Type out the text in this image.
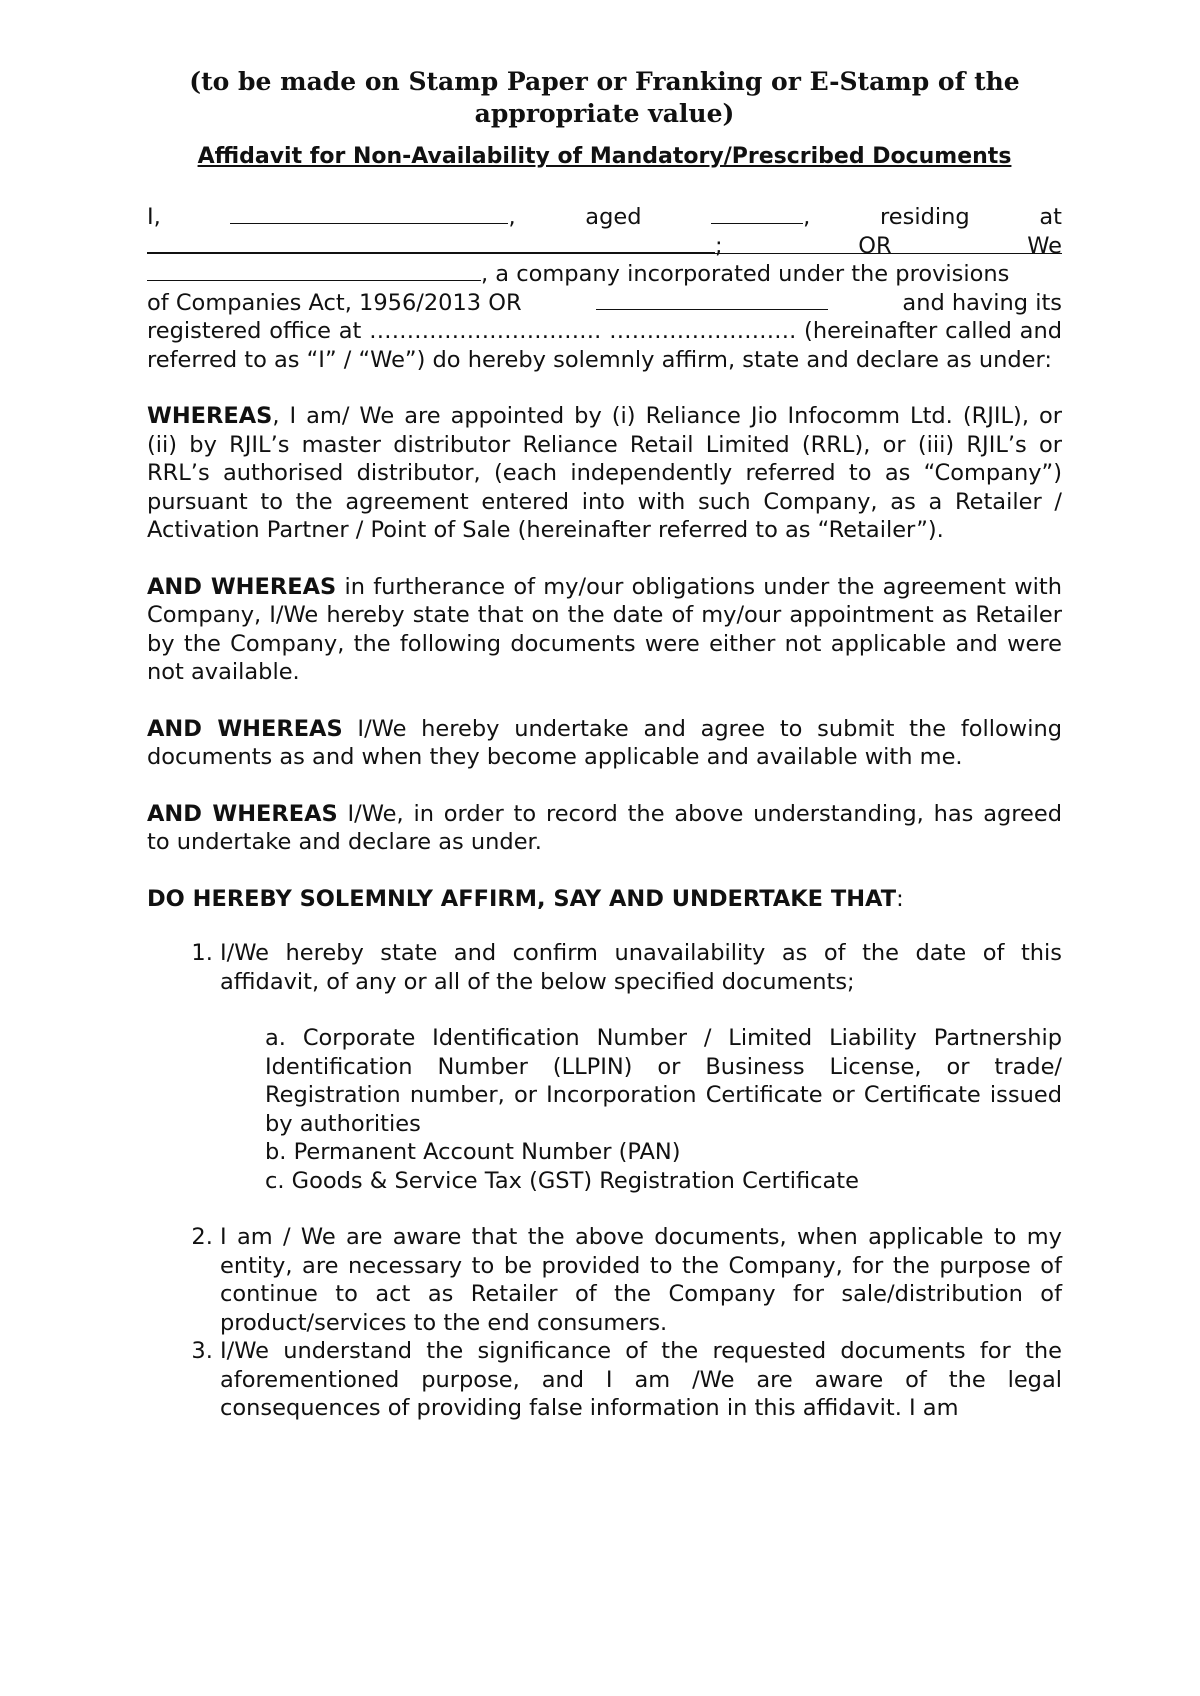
(to be made on Stamp Paper or Franking or E-Stamp of the appropriate value)
Affidavit for Non-Availability of Mandatory/Prescribed Documents
I,	,	aged	,	residing	at
;	OR	We
, a company incorporated under the provisions
of Companies Act, 1956/2013 OR	and having its
registered office at …………………………. ……………………. (hereinafter called and referred to as “I” / “We”) do hereby solemnly affirm, state and declare as under:
WHEREAS, I am/ We are appointed by (i) Reliance Jio Infocomm Ltd. (RJIL), or (ii) by RJIL’s master distributor Reliance Retail Limited (RRL), or (iii) RJIL’s or RRL’s authorised distributor, (each independently referred to as “Company”) pursuant to the agreement entered into with such Company, as a Retailer / Activation Partner / Point of Sale (hereinafter referred to as “Retailer”).
AND WHEREAS in furtherance of my/our obligations under the agreement with Company, I/We hereby state that on the date of my/our appointment as Retailer by the Company, the following documents were either not applicable and were not available.
AND WHEREAS I/We hereby undertake and agree to submit the following documents as and when they become applicable and available with me.
AND WHEREAS I/We, in order to record the above understanding, has agreed to undertake and declare as under.
DO HEREBY SOLEMNLY AFFIRM, SAY AND UNDERTAKE THAT:
1. I/We hereby state and confirm unavailability as of the date of this affidavit, of any or all of the below specified documents;
a. Corporate Identification Number / Limited Liability Partnership Identification Number (LLPIN) or Business License, or trade/ Registration number, or Incorporation Certificate or Certificate issued by authorities
b. Permanent Account Number (PAN)
c. Goods & Service Tax (GST) Registration Certificate
2. I am / We are aware that the above documents, when applicable to my entity, are necessary to be provided to the Company, for the purpose of continue to act as Retailer of the Company for sale/distribution of product/services to the end consumers.
3. I/We understand the significance of the requested documents for the aforementioned purpose, and I am /We are aware of the legal consequences of providing false information in this affidavit. I am
